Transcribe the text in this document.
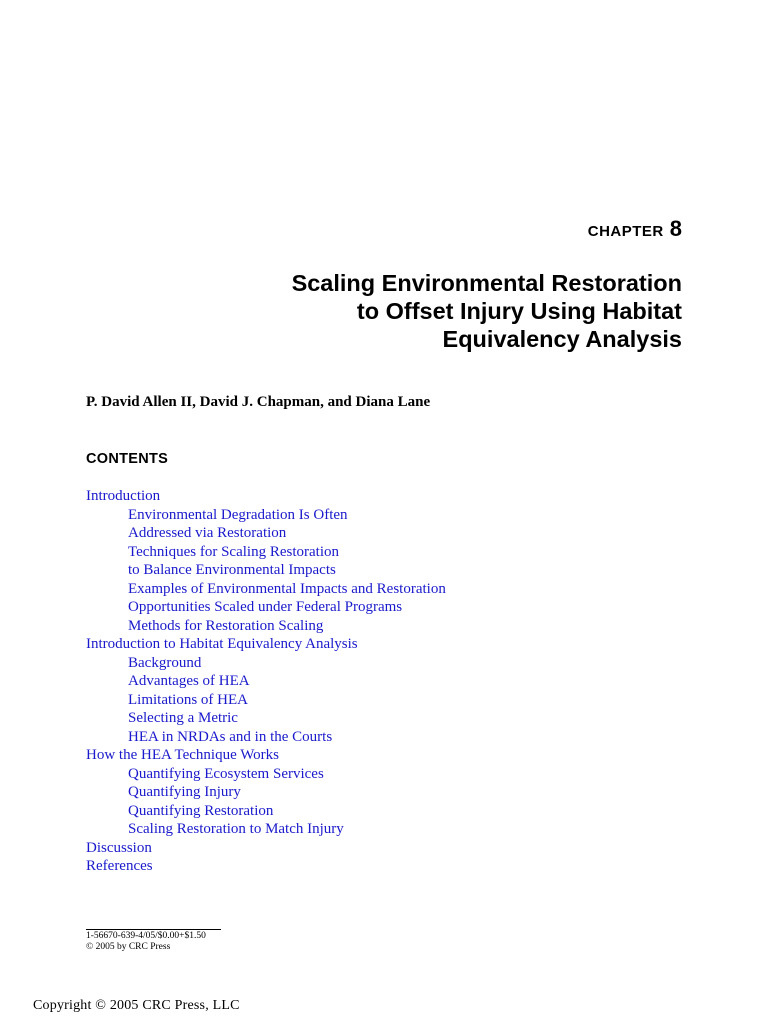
CHAPTER 8
Scaling Environmental Restoration
to Offset Injury Using Habitat
Equivalency Analysis
P. David Allen II, David J. Chapman, and Diana Lane
CONTENTS
Introduction
Environmental Degradation Is Often
Addressed via Restoration
Techniques for Scaling Restoration
to Balance Environmental Impacts
Examples of Environmental Impacts and Restoration
Opportunities Scaled under Federal Programs
Methods for Restoration Scaling
Introduction to Habitat Equivalency Analysis
Background
Advantages of HEA
Limitations of HEA
Selecting a Metric
HEA in NRDAs and in the Courts
How the HEA Technique Works
Quantifying Ecosystem Services
Quantifying Injury
Quantifying Restoration
Scaling Restoration to Match Injury
Discussion
References
1-56670-639-4/05/$0.00+$1.50
© 2005 by CRC Press
Copyright © 2005 CRC Press, LLC
